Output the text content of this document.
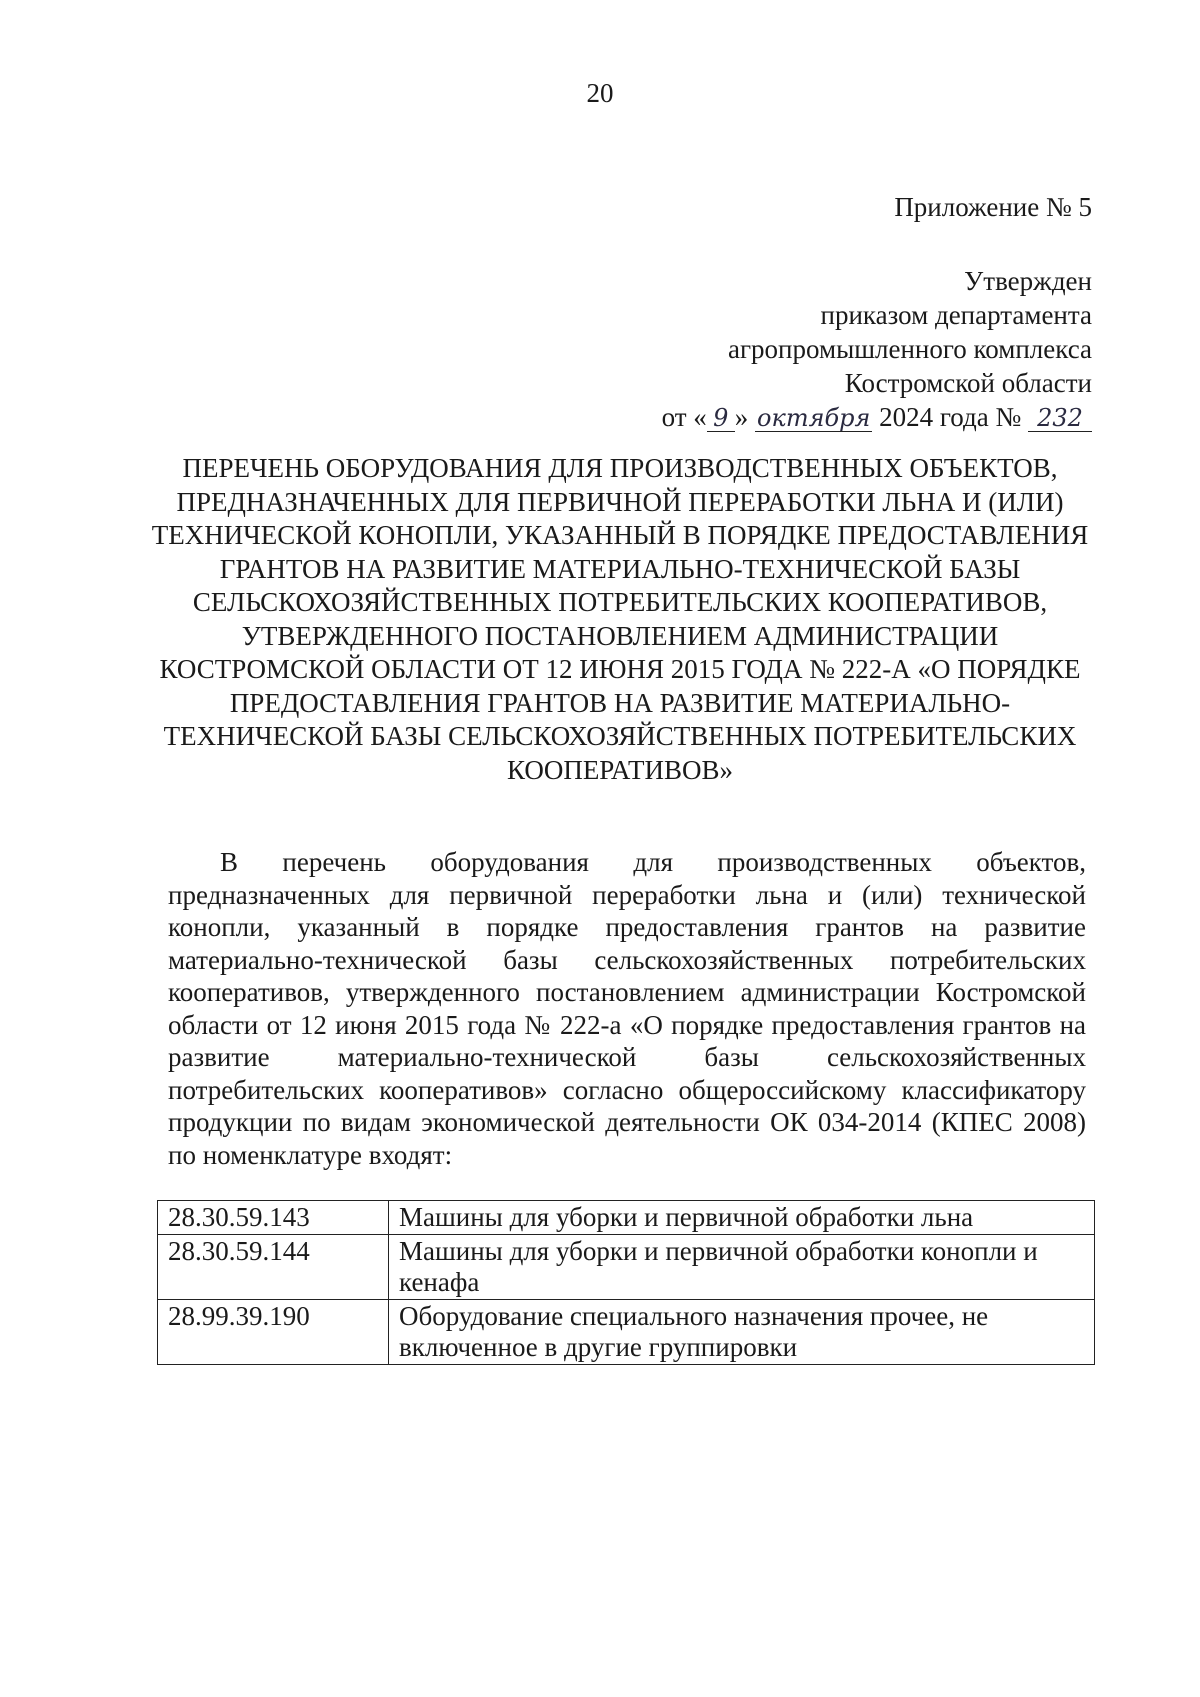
20
Приложение № 5
Утвержден
приказом департамента
агропромышленного комплекса
Костромской области
от « 9 » октября 2024 года № 232
ПЕРЕЧЕНЬ ОБОРУДОВАНИЯ ДЛЯ ПРОИЗВОДСТВЕННЫХ ОБЪЕКТОВ, ПРЕДНАЗНАЧЕННЫХ ДЛЯ ПЕРВИЧНОЙ ПЕРЕРАБОТКИ ЛЬНА И (ИЛИ) ТЕХНИЧЕСКОЙ КОНОПЛИ, УКАЗАННЫЙ В ПОРЯДКЕ ПРЕДОСТАВЛЕНИЯ ГРАНТОВ НА РАЗВИТИЕ МАТЕРИАЛЬНО-ТЕХНИЧЕСКОЙ БАЗЫ СЕЛЬСКОХОЗЯЙСТВЕННЫХ ПОТРЕБИТЕЛЬСКИХ КООПЕРАТИВОВ, УТВЕРЖДЕННОГО ПОСТАНОВЛЕНИЕМ АДМИНИСТРАЦИИ КОСТРОМСКОЙ ОБЛАСТИ ОТ 12 ИЮНЯ 2015 ГОДА № 222-А «О ПОРЯДКЕ ПРЕДОСТАВЛЕНИЯ ГРАНТОВ НА РАЗВИТИЕ МАТЕРИАЛЬНО-ТЕХНИЧЕСКОЙ БАЗЫ СЕЛЬСКОХОЗЯЙСТВЕННЫХ ПОТРЕБИТЕЛЬСКИХ КООПЕРАТИВОВ»
В перечень оборудования для производственных объектов, предназначенных для первичной переработки льна и (или) технической конопли, указанный в порядке предоставления грантов на развитие материально-технической базы сельскохозяйственных потребительских кооперативов, утвержденного постановлением администрации Костромской области от 12 июня 2015 года № 222-а «О порядке предоставления грантов на развитие материально-технической базы сельскохозяйственных потребительских кооперативов» согласно общероссийскому классификатору продукции по видам экономической деятельности ОК 034-2014 (КПЕС 2008) по номенклатуре входят:
28.30.59.143	Машины для уборки и первичной обработки льна
28.30.59.144	Машины для уборки и первичной обработки конопли и кенафа
28.99.39.190	Оборудование специального назначения прочее, не включенное в другие группировки
